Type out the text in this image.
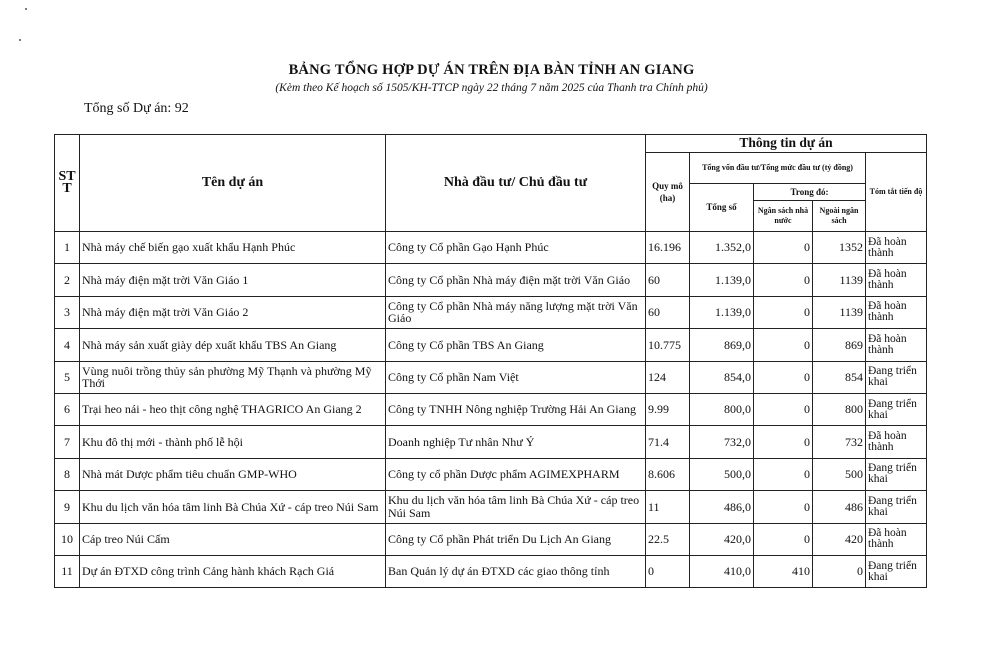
BẢNG TỔNG HỢP DỰ ÁN TRÊN ĐỊA BÀN TỈNH AN GIANG
(Kèm theo Kế hoạch số 1505/KH-TTCP ngày 22 tháng 7 năm 2025 của Thanh tra Chính phủ)
Tổng số Dự án: 92
ST T	Tên dự án	Nhà đầu tư/ Chủ đầu tư	Thông tin dự án				
			Quy mô (ha)	Tổng vốn đầu tư/Tổng mức đầu tư (tỷ đồng)			Tóm tắt tiến độ
				Tổng số	Trong đó:		
					Ngân sách nhà nước	Ngoài ngân sách	
1	Nhà máy chế biến gạo xuất khẩu Hạnh Phúc	Công ty Cổ phần Gạo Hạnh Phúc	16.196	1.352,0	0	1352	Đã hoàn thành
2	Nhà máy điện mặt trời Văn Giáo 1	Công ty Cổ phần Nhà máy điện mặt trời Văn Giáo	60	1.139,0	0	1139	Đã hoàn thành
3	Nhà máy điện mặt trời Văn Giáo 2	Công ty Cổ phần Nhà máy năng lượng mặt trời Văn Giáo	60	1.139,0	0	1139	Đã hoàn thành
4	Nhà máy sản xuất giày dép xuất khẩu TBS An Giang	Công ty Cổ phần TBS An Giang	10.775	869,0	0	869	Đã hoàn thành
5	Vùng nuôi trồng thủy sản phường Mỹ Thạnh và phường Mỹ Thới	Công ty Cổ phần Nam Việt	124	854,0	0	854	Đang triển khai
6	Trại heo nái - heo thịt công nghệ THAGRICO An Giang 2	Công ty TNHH Nông nghiệp Trường Hải An Giang	9.99	800,0	0	800	Đang triển khai
7	Khu đô thị mới - thành phố lễ hội	Doanh nghiệp Tư nhân Như Ý	71.4	732,0	0	732	Đã hoàn thành
8	Nhà mát Dược phẩm tiêu chuẩn GMP-WHO	Công ty cổ phần Dược phẩm AGIMEXPHARM	8.606	500,0	0	500	Đang triển khai
9	Khu du lịch văn hóa tâm linh Bà Chúa Xứ - cáp treo Núi Sam	Khu du lịch văn hóa tâm linh Bà Chúa Xứ - cáp treo Núi Sam	11	486,0	0	486	Đang triển khai
10	Cáp treo Núi Cấm	Công ty Cổ phần Phát triển Du Lịch An Giang	22.5	420,0	0	420	Đã hoàn thành
11	Dự án ĐTXD công trình Cảng hành khách Rạch Giá	Ban Quản lý dự án ĐTXD các giao thông tỉnh	0	410,0	410	0	Đang triển khai
